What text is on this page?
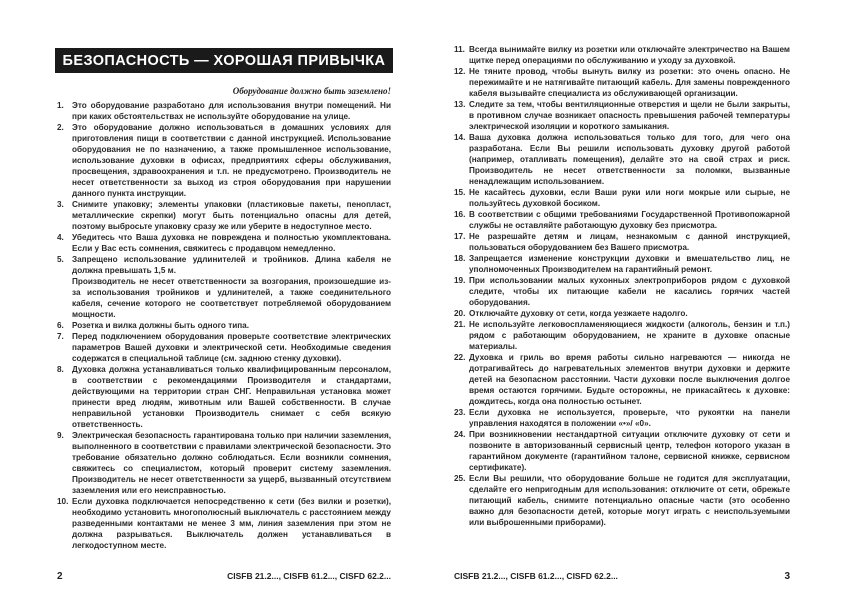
БЕЗОПАСНОСТЬ — ХОРОШАЯ ПРИВЫЧКА
Оборудование должно быть заземлено!
1. Это оборудование разработано для использования внутри помещений. Ни при каких обстоятельствах не используйте оборудование на улице.

2. Это оборудование должно использоваться в домашних условиях для приготовления пищи в соответствии с данной инструкцией. Использование оборудования не по назначению, а также промышленное использование, использование духовки в офисах, предприятиях сферы обслуживания, просвещения, здравоохранения и т.п. не предусмотрено. Производитель не несет ответственности за выход из строя оборудования при нарушении данного пункта инструкции.

3. Снимите упаковку; элементы упаковки (пластиковые пакеты, пенопласт, металлические скрепки) могут быть потенциально опасны для детей, поэтому выбросьте упаковку сразу же или уберите в недоступное место.

4. Убедитесь что Ваша духовка не повреждена и полностью укомплектована. Если у Вас есть сомнения, свяжитесь с продавцом немедленно.

5. Запрещено использование удлинителей и тройников. Длина кабеля не должна превышать 1,5 м.

Производитель не несет ответственности за возгорания, произошедшие из-за использования тройников и удлинителей, а также соединительного кабеля, сечение которого не соответствует потребляемой оборудованием мощности.

6. Розетка и вилка должны быть одного типа.

7. Перед подключением оборудования проверьте соответствие электрических параметров Вашей духовки и электрической сети. Необходимые сведения содержатся в специальной таблице (см. заднюю стенку духовки).

8. Духовка должна устанавливаться только квалифицированным персоналом, в соответствии с рекомендациями Производителя и стандартами, действующими на территории стран СНГ. Неправильная установка может принести вред людям, животным или Вашей собственности. В случае неправильной установки Производитель снимает с себя всякую ответственность.

9. Электрическая безопасность гарантирована только при наличии заземления, выполненного в соответствии с правилами электрической безопасности. Это требование обязательно должно соблюдаться. Если возникли сомнения, свяжитесь со специалистом, который проверит систему заземления. Производитель не несет ответственности за ущерб, вызванный отсутствием заземления или его неисправностью.

10. Если духовка подключается непосредственно к сети (без вилки и розетки), необходимо установить многополюсный выключатель с расстоянием между разведенными контактами не менее 3 мм, линия заземления при этом не должна разрываться. Выключатель должен устанавливаться в легкодоступном месте.

2	CISFB 21.2..., CISFB 61.2..., CISFD 62.2...
11. Всегда вынимайте вилку из розетки или отключайте электричество на Вашем щитке перед операциями по обслуживанию и уходу за духовкой.

12. Не тяните провод, чтобы вынуть вилку из розетки: это очень опасно. Не пережимайте и не натягивайте питающий кабель. Для замены поврежденного кабеля вызывайте специалиста из обслуживающей организации.

13. Следите за тем, чтобы вентиляционные отверстия и щели не были закрыты, в противном случае возникает опасность превышения рабочей температуры электрической изоляции и короткого замыкания.

14. Ваша духовка должна использоваться только для того, для чего она разработана. Если Вы решили использовать духовку другой работой (например, отапливать помещения), делайте это на свой страх и риск. Производитель не несет ответственности за поломки, вызванные ненадлежащим использованием.

15. Не касайтесь духовки, если Ваши руки или ноги мокрые или сырые, не пользуйтесь духовкой босиком.

16. В соответствии с общими требованиями Государственной Противопожарной службы не оставляйте работающую духовку без присмотра.

17. Не разрешайте детям и лицам, незнакомым с данной инструкцией, пользоваться оборудованием без Вашего присмотра.

18. Запрещается изменение конструкции духовки и вмешательство лиц, не уполномоченных Производителем на гарантийный ремонт.

19. При использовании малых кухонных электроприборов рядом с духовкой следите, чтобы их питающие кабели не касались горячих частей оборудования.

20. Отключайте духовку от сети, когда уезжаете надолго.

21. Не используйте легковоспламеняющиеся жидкости (алкоголь, бензин и т.п.) рядом с работающим оборудованием, не храните в духовке опасные материалы.

22. Духовка и гриль во время работы сильно нагреваются — никогда не дотрагивайтесь до нагревательных элементов внутри духовки и держите детей на безопасном расстоянии. Части духовки после выключения долгое время остаются горячими. Будьте осторожны, не прикасайтесь к духовке: дождитесь, когда она полностью остынет.

23. Если духовка не используется, проверьте, что рукоятки на панели управления находятся в положении «•»/ «0».

24. При возникновении нестандартной ситуации отключите духовку от сети и позвоните в авторизованный сервисный центр, телефон которого указан в гарантийном документе (гарантийном талоне, сервисной книжке, сервисном сертификате).

25. Если Вы решили, что оборудование больше не годится для эксплуатации, сделайте его непригодным для использования: отключите от сети, обрежьте питающий кабель, снимите потенциально опасные части (это особенно важно для безопасности детей, которые могут играть с неиспользуемыми или выброшенными приборами).

CISFB 21.2..., CISFB 61.2..., CISFD 62.2...	3
